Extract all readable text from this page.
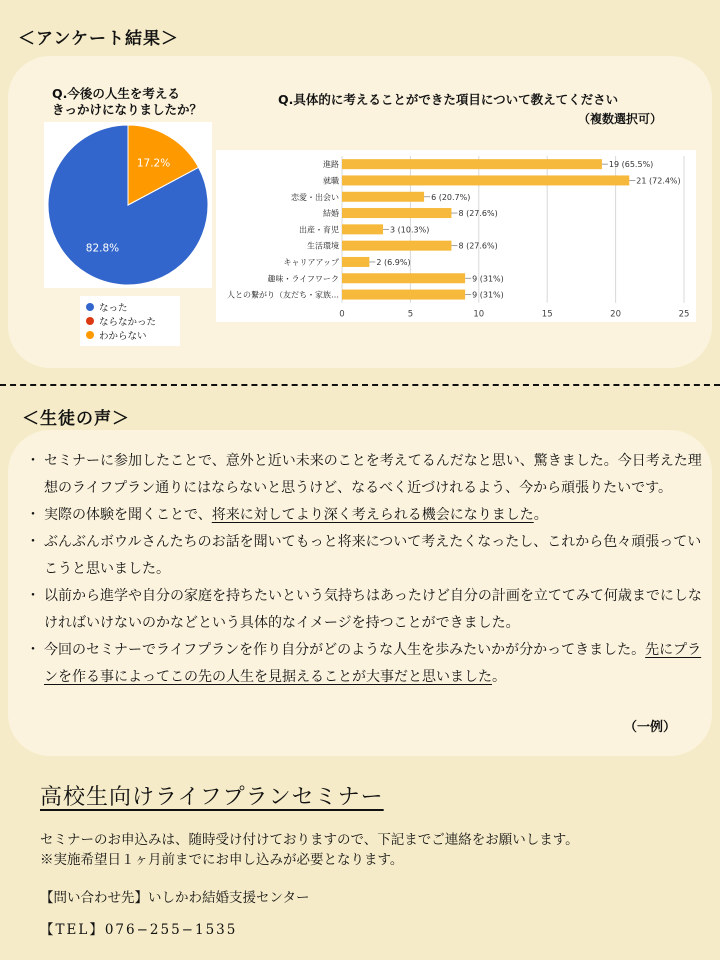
＜アンケート結果＞
Q.今後の人生を考える
きっかけになりましたか？
Q.具体的に考えることができた項目について教えてください
（複数選択可）
82.8%
17.2%
なった
ならなかった
わからない
0	5	10	15	20	25
進路	19 (65.5%)
就職	21 (72.4%)
恋愛・出会い	6 (20.7%)
結婚	8 (27.6%)
出産・育児	3 (10.3%)
生活環境	8 (27.6%)
キャリアアップ	2 (6.9%)
趣味・ライフワーク	9 (31%)
人との繋がり（友だち・家族…	9 (31%)
＜生徒の声＞
・ セミナーに参加したことで、意外と近い未来のことを考えてるんだなと思い、驚きました。今日考えた理想のライフプラン通りにはならないと思うけど、なるべく近づけれるよう、今から頑張りたいです。
・ 実際の体験を聞くことで、将来に対してより深く考えられる機会になりました。
・ ぶんぶんボウルさんたちのお話を聞いてもっと将来について考えたくなったし、これから色々頑張っていこうと思いました。
・ 以前から進学や自分の家庭を持ちたいという気持ちはあったけど自分の計画を立ててみて何歳までにしなければいけないのかなどという具体的なイメージを持つことができました。
・ 今回のセミナーでライフプランを作り自分がどのような人生を歩みたいかが分かってきました。先にプランを作る事によってこの先の人生を見据えることが大事だと思いました。
（一例）
高校生向けライフプランセミナー
セミナーのお申込みは、随時受け付けておりますので、下記までご連絡をお願いします。
※実施希望日１ヶ月前までにお申し込みが必要となります。
【問い合わせ先】いしかわ結婚支援センター
【TEL】076−255−1535
